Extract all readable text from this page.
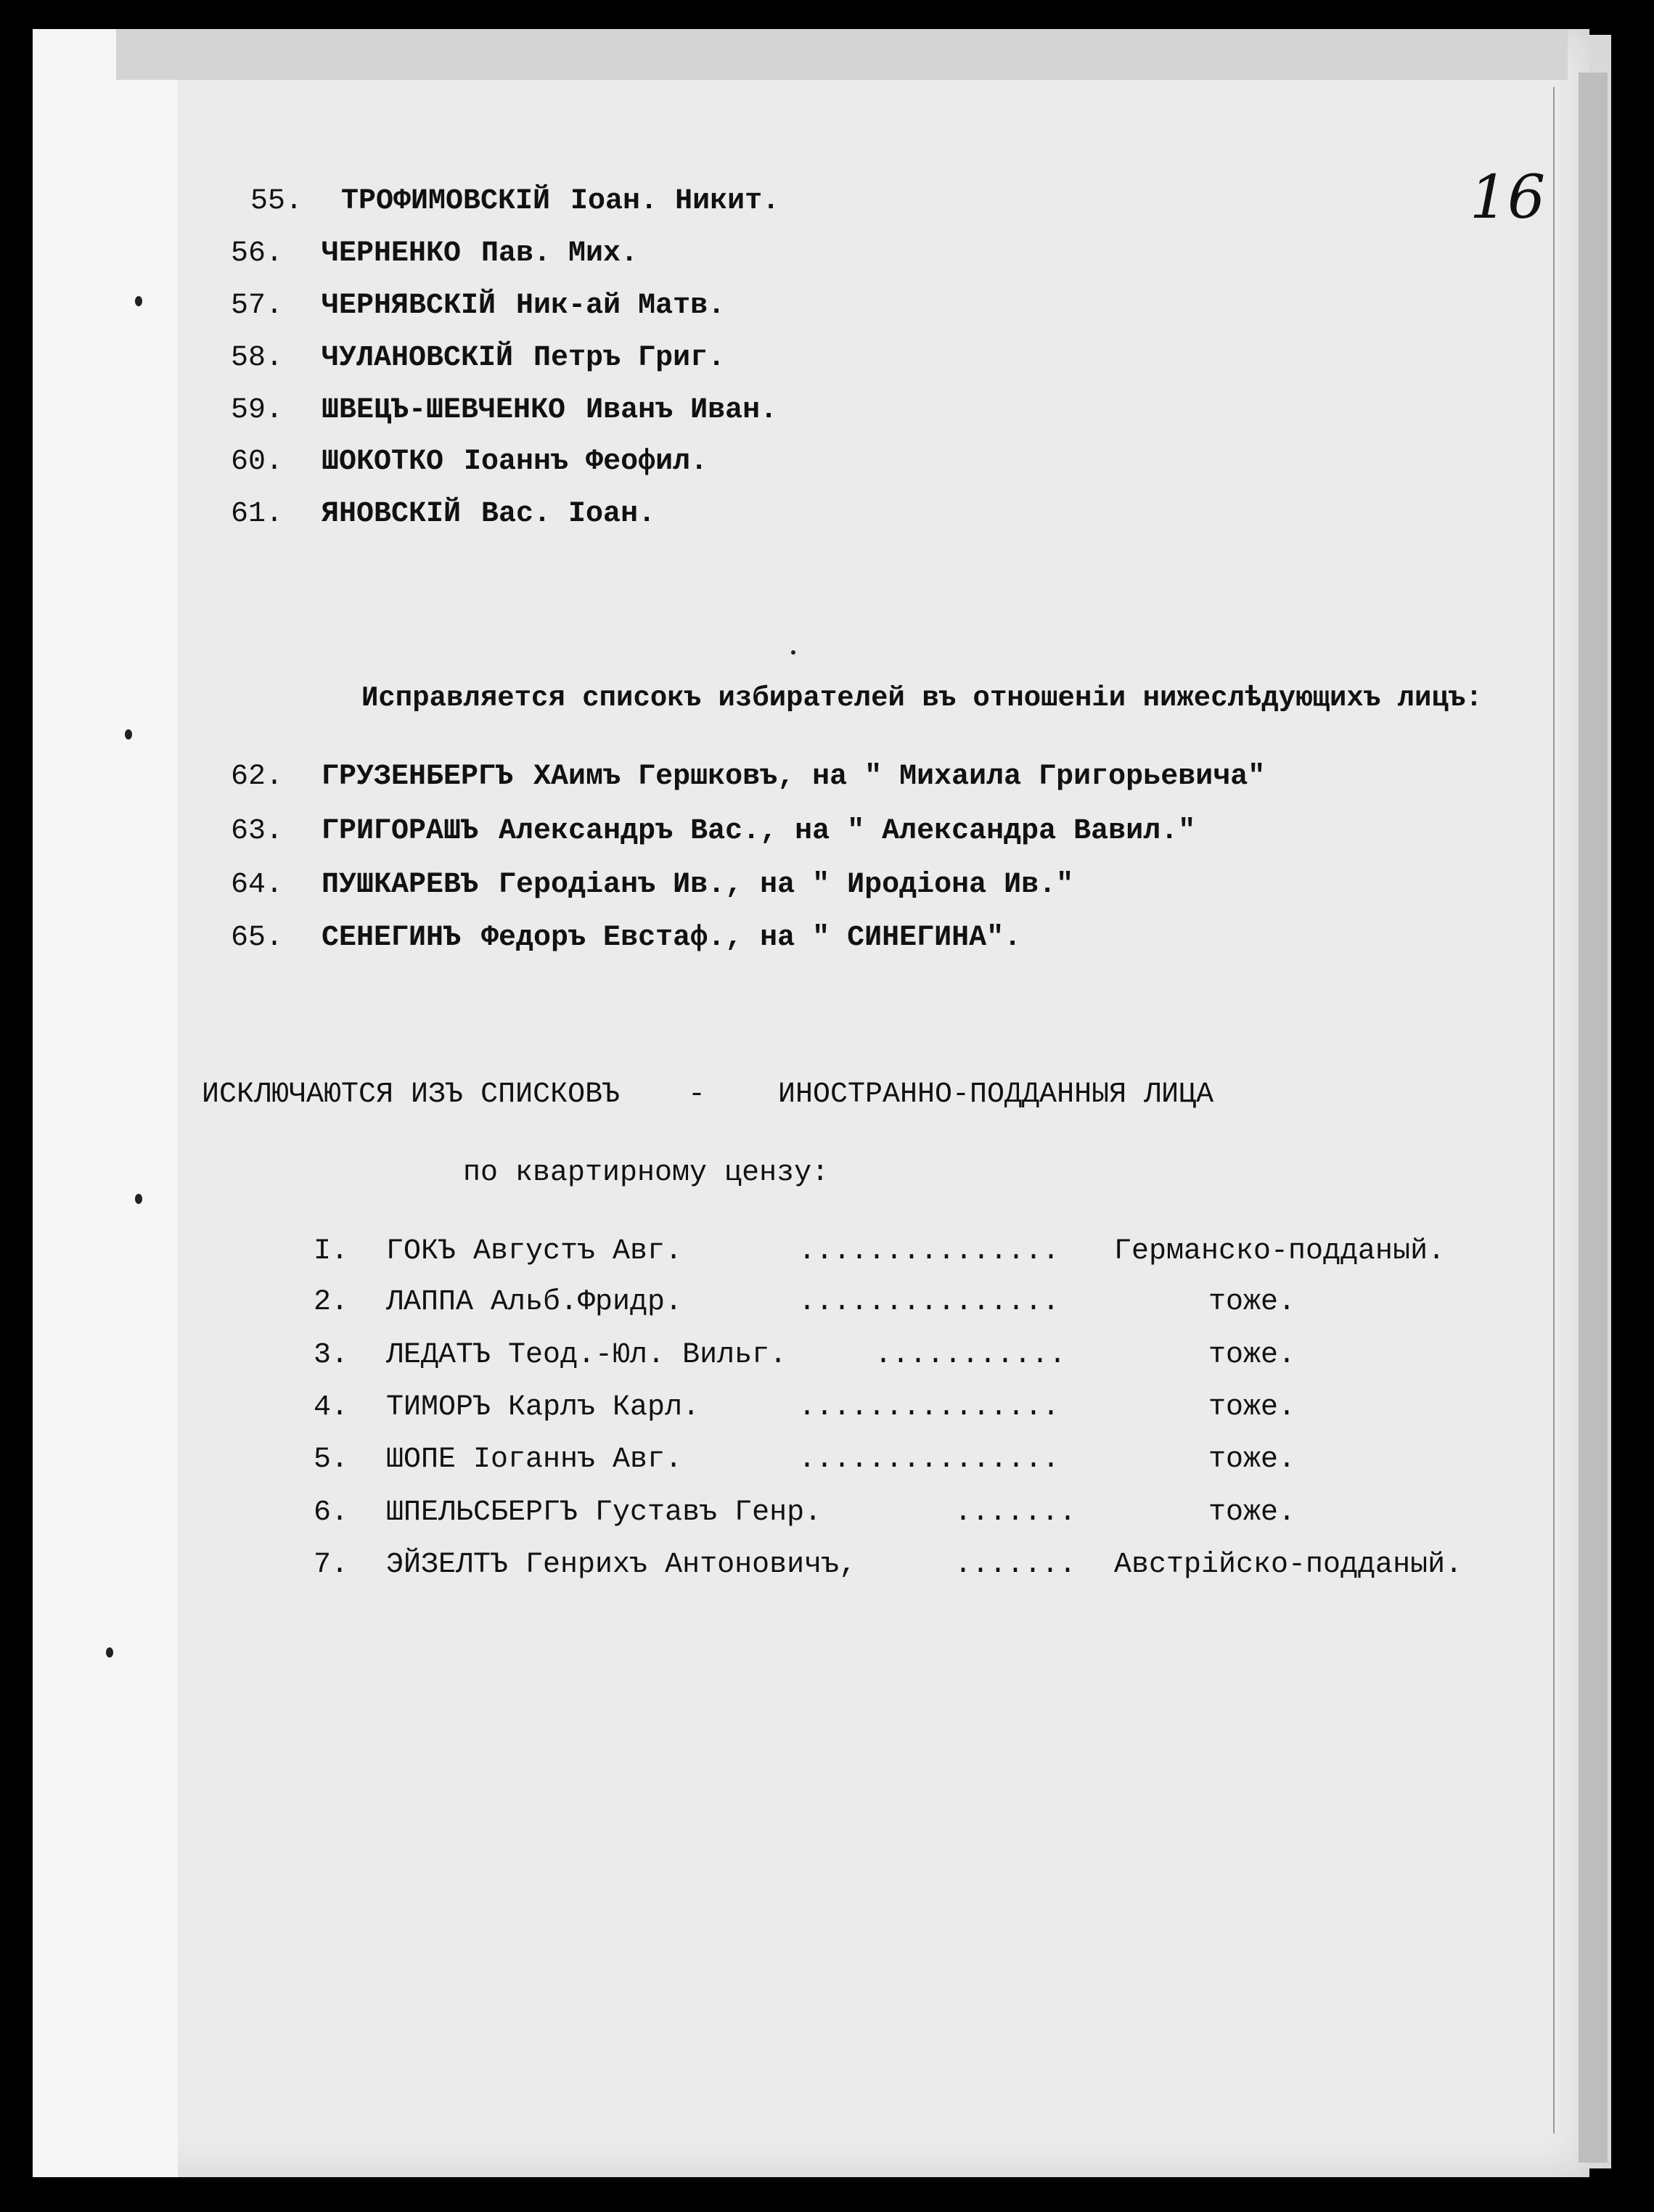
16
55. ТРОФИМОВСКIЙ Iоан. Никит.
56. ЧЕРНЕНКО Пав. Мих.
57. ЧЕРНЯВСКIЙ Ник-ай Матв.
58. ЧУЛАНОВСКIЙ Петръ Григ.
59. ШВЕЦЪ-ШЕВЧЕНКО Иванъ Иван.
60. ШОКОТКО Iоаннъ Феофил.
61. ЯНОВСКIЙ Вас. Iоан.
Исправляется списокъ избирателей въ отношенiи нижеслѣдующихъ лицъ:
62. ГРУЗЕНБЕРГЪ ХАимъ Гершковъ, на " Михаила Григорьевича"
63. ГРИГОРАШЪ Александръ Вас., на " Александра Вавил."
64. ПУШКАРЕВЪ Геродiанъ Ив., на " Иродiона Ив."
65. СЕНЕГИНЪ Федоръ Евстаф., на " СИНЕГИНА".
ИСКЛЮЧАЮТСЯ ИЗЪ СПИСКОВЪ - ИНОСТРАННО-ПОДДАННЫЯ ЛИЦА
по квартирному цензу:
I. ГОКЪ Августъ Авг.	............... Германско-подданый.
2. ЛАППА Альб.Фридр.	...............	тоже.
3. ЛЕДАТЪ Теод.-Юл. Вильг.	...........	тоже.
4. ТИМОРЪ Карлъ Карл.	...............	тоже.
5. ШОПЕ Iоганнъ Авг.	...............	тоже.
6. ШПЕЛЬСБЕРГЪ Густавъ Генр.	.......	тоже.
7. ЭЙЗЕЛТЪ Генрихъ Антоновичъ,	....... Австрiйско-подданый.
